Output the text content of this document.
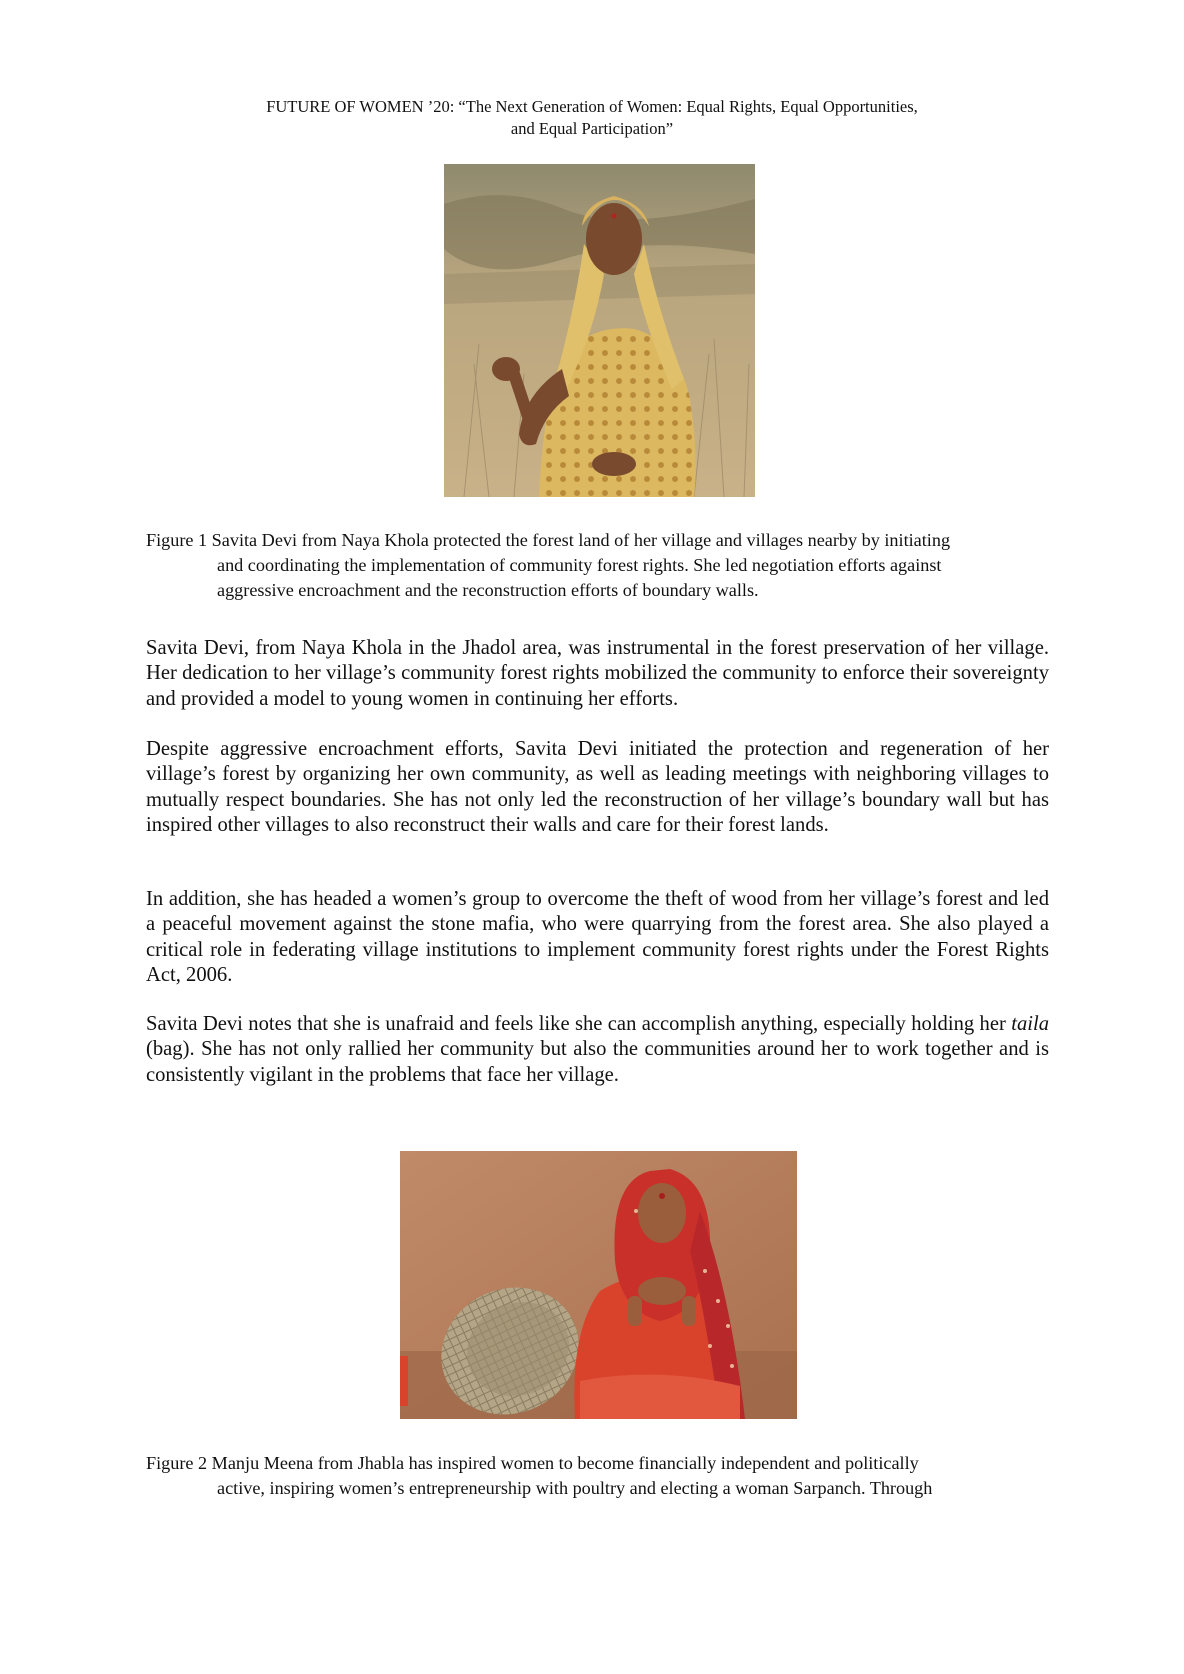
FUTURE OF WOMEN ’20: “The Next Generation of Women: Equal Rights, Equal Opportunities,
and Equal Participation”
Figure 1 Savita Devi from Naya Khola protected the forest land of her village and villages nearby by initiating
and coordinating the implementation of community forest rights. She led negotiation efforts against
aggressive encroachment and the reconstruction efforts of boundary walls.

Savita Devi, from Naya Khola in the Jhadol area, was instrumental in the forest preservation of her village. Her dedication to her village’s community forest rights mobilized the community to enforce their sovereignty and provided a model to young women in continuing her efforts.

Despite aggressive encroachment efforts, Savita Devi initiated the protection and regeneration of her village’s forest by organizing her own community, as well as leading meetings with neighboring villages to mutually respect boundaries. She has not only led the reconstruction of her village’s boundary wall but has inspired other villages to also reconstruct their walls and care for their forest lands.

In addition, she has headed a women’s group to overcome the theft of wood from her village’s forest and led a peaceful movement against the stone mafia, who were quarrying from the forest area. She also played a critical role in federating village institutions to implement community forest rights under the Forest Rights Act, 2006.

Savita Devi notes that she is unafraid and feels like she can accomplish anything, especially holding her taila (bag). She has not only rallied her community but also the communities around her to work together and is consistently vigilant in the problems that face her village.

Figure 2 Manju Meena from Jhabla has inspired women to become financially independent and politically
active, inspiring women’s entrepreneurship with poultry and electing a woman Sarpanch. Through
